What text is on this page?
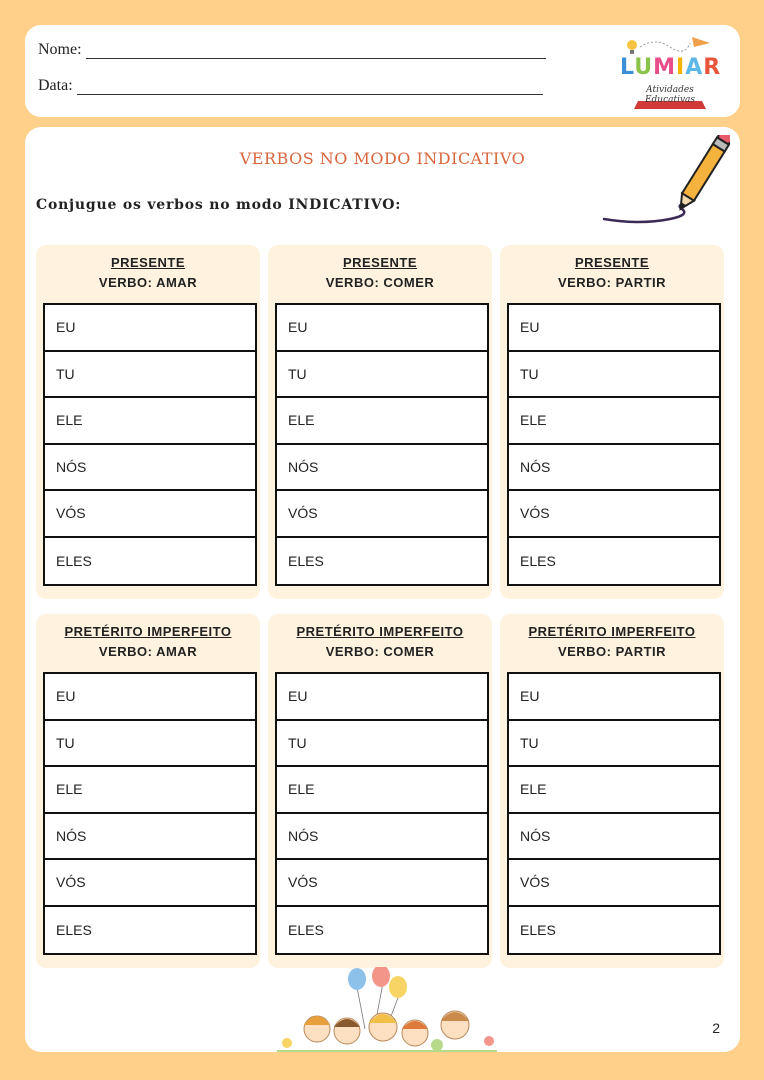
Nome:
Data:
LUMIAR
Atividades Educativas
VERBOS NO MODO INDICATIVO
Conjugue os verbos no modo INDICATIVO:
PRESENTE
VERBO: AMAR
EU
TU
ELE
NÓS
VÓS
ELES
PRESENTE
VERBO: COMER
EU
TU
ELE
NÓS
VÓS
ELES
PRESENTE
VERBO: PARTIR
EU
TU
ELE
NÓS
VÓS
ELES
PRETÉRITO IMPERFEITO
VERBO: AMAR
EU
TU
ELE
NÓS
VÓS
ELES
PRETÉRITO IMPERFEITO
VERBO: COMER
EU
TU
ELE
NÓS
VÓS
ELES
PRETÉRITO IMPERFEITO
VERBO: PARTIR
EU
TU
ELE
NÓS
VÓS
ELES
2
